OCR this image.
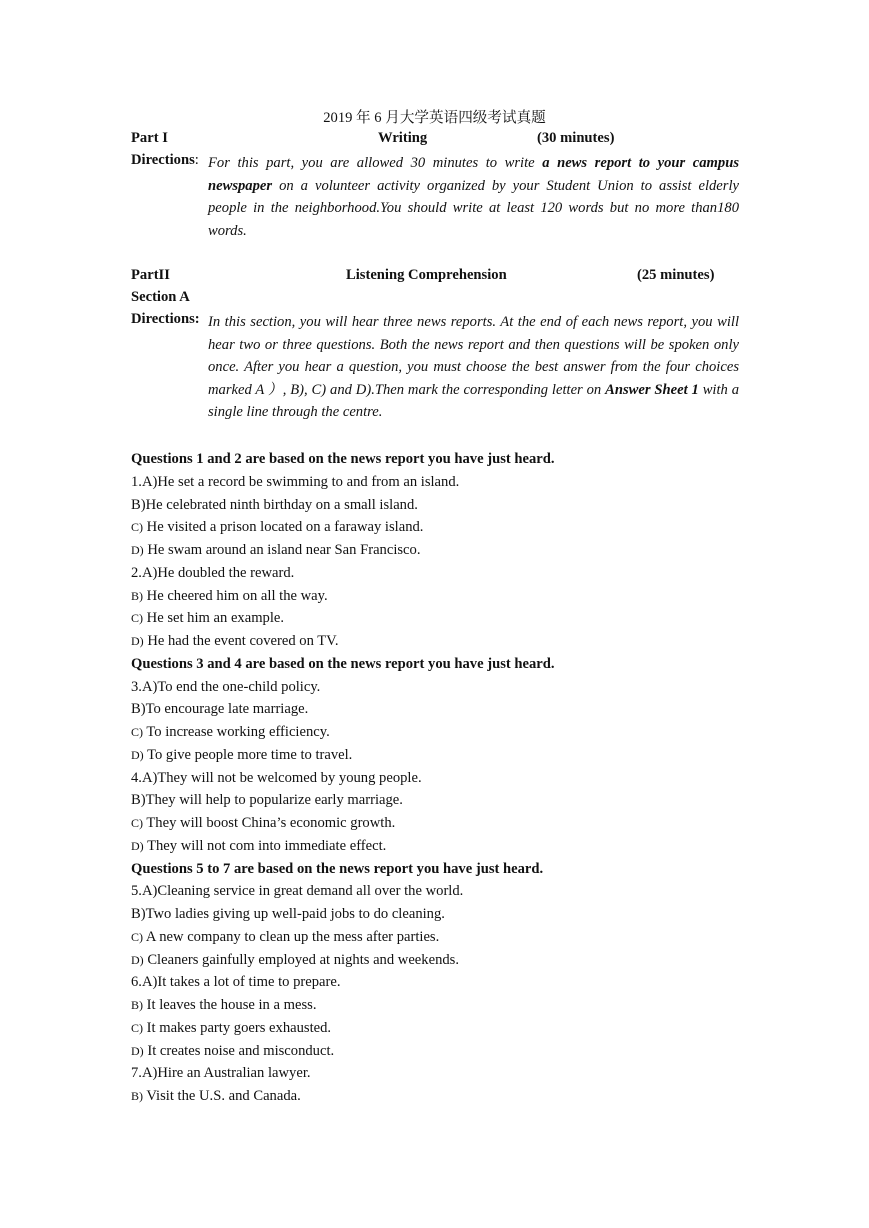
2019 年 6 月大学英语四级考试真题
Part I	Writing	(30 minutes)
Directions: For this part, you are allowed 30 minutes to write a news report to your campus newspaper on a volunteer activity organized by your Student Union to assist elderly people in the neighborhood.You should write at least 120 words but no more than180 words.
PartII	Listening Comprehension	(25 minutes)
Section A
Directions: In this section, you will hear three news reports. At the end of each news report, you will hear two or three questions. Both the news report and then questions will be spoken only once. After you hear a question, you must choose the best answer from the four choices marked A ）, B), C) and D).Then mark the corresponding letter on Answer Sheet 1 with a single line through the centre.
Questions 1 and 2 are based on the news report you have just heard.
1.A)He set a record be swimming to and from an island.
B)He celebrated ninth birthday on a small island.
C) He visited a prison located on a faraway island.
D) He swam around an island near San Francisco.
2.A)He doubled the reward.
B) He cheered him on all the way.
C) He set him an example.
D) He had the event covered on TV.
Questions 3 and 4 are based on the news report you have just heard.
3.A)To end the one-child policy.
B)To encourage late marriage.
C) To increase working efficiency.
D) To give people more time to travel.
4.A)They will not be welcomed by young people.
B)They will help to popularize early marriage.
C) They will boost China’s economic growth.
D) They will not com into immediate effect.
Questions 5 to 7 are based on the news report you have just heard.
5.A)Cleaning service in great demand all over the world.
B)Two ladies giving up well-paid jobs to do cleaning.
C) A new company to clean up the mess after parties.
D) Cleaners gainfully employed at nights and weekends.
6.A)It takes a lot of time to prepare.
B) It leaves the house in a mess.
C) It makes party goers exhausted.
D) It creates noise and misconduct.
7.A)Hire an Australian lawyer.
B) Visit the U.S. and Canada.
